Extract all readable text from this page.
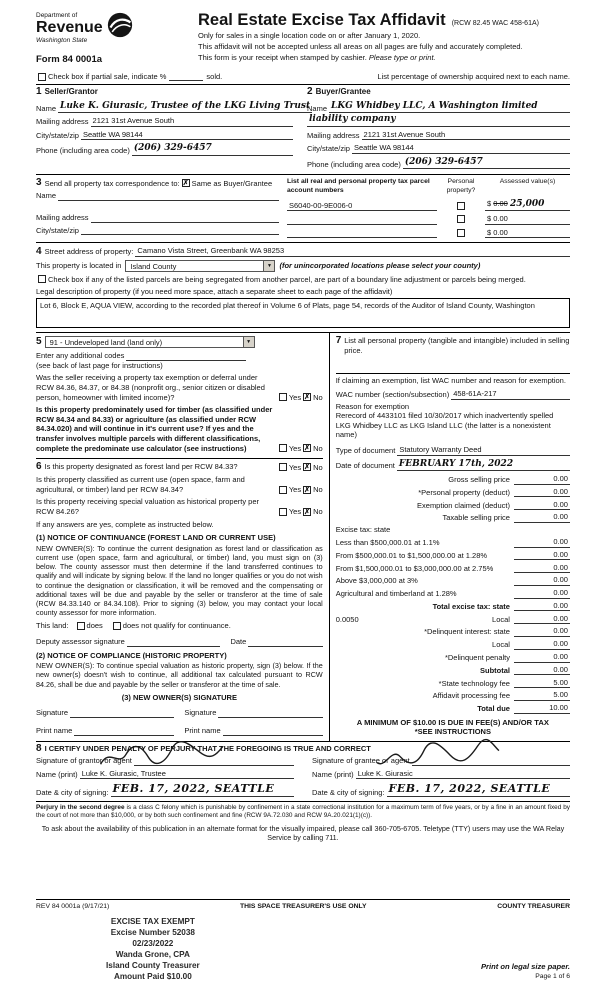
Department of
Revenue
Washington State
Form 84 0001a
Real Estate Excise Tax Affidavit (RCW 82.45 WAC 458-61A)
Only for sales in a single location code on or after January 1, 2020.
This affidavit will not be accepted unless all areas on all pages are fully and accurately completed.
This form is your receipt when stamped by cashier. Please type or print.
Check box if partial sale, indicate %	sold.	List percentage of ownership acquired next to each name.
1 Seller/Grantor
Name Luke K. Giurasic, Trustee of the LKG Living Trust
Mailing address 2121 31st Avenue South
City/state/zip Seattle WA 98144
Phone (including area code) (206) 329-6457
2 Buyer/Grantee
Name LKG Whidbey LLC, A Washington limited
liability company
Mailing address 2121 31st Avenue South
City/state/zip Seattle WA 98144
Phone (including area code) (206) 329-6457
3 Send all property tax correspondence to: ✗ Same as Buyer/Grantee
Name
Mailing address
City/state/zip
List all real and personal property tax parcel account numbers
Personal property?
Assessed value(s)
S6040-00-9E006-0	$ 0.00 25,000
$ 0.00
$ 0.00
4 Street address of property: Camano Vista Street, Greenbank WA 98253
This property is located in	Island County	▼	(for unincorporated locations please select your county)
Check box if any of the listed parcels are being segregated from another parcel, are part of a boundary line adjustment or parcels being merged.
Legal description of property (if you need more space, attach a separate sheet to each page of the affidavit)
Lot 6, Block E, AQUA VIEW, according to the recorded plat thereof in Volume 6 of Plats, page 54, records of the Auditor of Island County, Washington
5	91 - Undeveloped land (land only)	▼
Enter any additional codes
(see back of last page for instructions)
Was the seller receiving a property tax exemption or deferral under RCW 84.36, 84.37, or 84.38 (nonprofit org., senior citizen or disabled person, homeowner with limited income)?	Yes ✗ No
Is this property predominately used for timber (as classified under RCW 84.34 and 84.33) or agriculture (as classified under RCW 84.34.020) and will continue in it's current use? If yes and the transfer involves multiple parcels with different classifications, complete the predominate use calculator (see instructions)	Yes ✗ No
6 Is this property designated as forest land per RCW 84.33?	Yes ✗ No
Is this property classified as current use (open space, farm and agricultural, or timber) land per RCW 84.34?	Yes ✗ No
Is this property receiving special valuation as historical property per RCW 84.26?	Yes ✗ No
If any answers are yes, complete as instructed below.
(1) NOTICE OF CONTINUANCE (FOREST LAND OR CURRENT USE)
NEW OWNER(S): To continue the current designation as forest land or classification as current use (open space, farm and agricultural, or timber) land, you must sign on (3) below. The county assessor must then determine if the land transferred continues to qualify and will indicate by signing below. If the land no longer qualifies or you do not wish to continue the designation or classification, it will be removed and the compensating or additional taxes will be due and payable by the seller or transferor at the time of sale (RCW 84.33.140 or 84.34.108). Prior to signing (3) below, you may contact your local county assessor for more information.
This land: does	does not qualify for continuance.
Deputy assessor signature	Date
(2) NOTICE OF COMPLIANCE (HISTORIC PROPERTY)
NEW OWNER(S): To continue special valuation as historic property, sign (3) below. If the new owner(s) doesn't wish to continue, all additional tax calculated pursuant to RCW 84.26, shall be due and payable by the seller or transferor at the time of sale.
(3) NEW OWNER(S) SIGNATURE
Signature	Signature
Print name	Print name
7 List all personal property (tangible and intangible) included in selling price.
If claiming an exemption, list WAC number and reason for exemption.
WAC number (section/subsection) 458-61A-217
Reason for exemption
Rerecord of 4433101 filed 10/30/2017 which inadvertently spelled LKG Whidbey LLC as LKG Island LLC (the latter is a nonexistent name)
Type of document Statutory Warranty Deed
Date of document FEBRUARY 17th, 2022
Gross selling price	0.00
*Personal property (deduct)	0.00
Exemption claimed (deduct)	0.00
Taxable selling price	0.00
Excise tax: state
Less than $500,000.01 at 1.1%	0.00
From $500,000.01 to $1,500,000.00 at 1.28%	0.00
From $1,500,000.01 to $3,000,000.00 at 2.75%	0.00
Above $3,000,000 at 3%	0.00
Agricultural and timberland at 1.28%	0.00
Total excise tax: state	0.00
0.0050	Local	0.00
*Delinquent interest: state	0.00
Local	0.00
*Delinquent penalty	0.00
Subtotal	0.00
*State technology fee	5.00
Affidavit processing fee	5.00
Total due	10.00
A MINIMUM OF $10.00 IS DUE IN FEE(S) AND/OR TAX
*SEE INSTRUCTIONS
8 I CERTIFY UNDER PENALTY OF PERJURY THAT THE FOREGOING IS TRUE AND CORRECT
Signature of grantor or agent
Name (print) Luke K. Giurasic, Trustee
Date & city of signing: FEB. 17, 2022, SEATTLE
Signature of grantee or agent
Name (print) Luke K. Giurasic
Date & city of signing: FEB. 17, 2022, SEATTLE
Perjury in the second degree is a class C felony which is punishable by confinement in a state correctional institution for a maximum term of five years, or by a fine in an amount fixed by the court of not more than $10,000, or by both such confinement and fine (RCW 9A.72.030 and RCW 9A.20.021(1)(c)).
To ask about the availability of this publication in an alternate format for the visually impaired, please call 360-705-6705. Teletype (TTY) users may use the WA Relay Service by calling 711.
REV 84 0001a (9/17/21)	THIS SPACE TREASURER'S USE ONLY	COUNTY TREASURER
EXCISE TAX EXEMPT
Excise Number 52038
02/23/2022
Wanda Grone, CPA
Island County Treasurer
Amount Paid $10.00
Print on legal size paper.
Page 1 of 6
